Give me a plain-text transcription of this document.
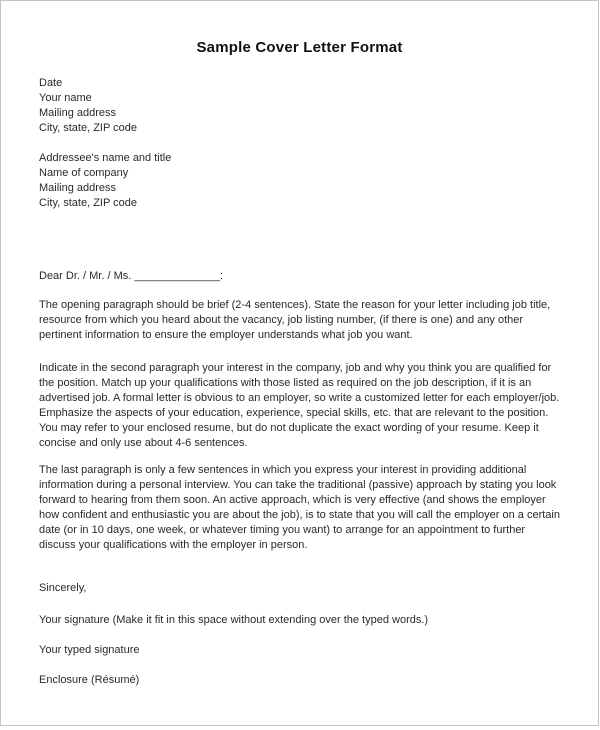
Sample Cover Letter Format
Date
Your name
Mailing address
City, state, ZIP code
Addressee's name and title
Name of company
Mailing address
City, state, ZIP code

Dear Dr. / Mr. / Ms. ______________:

The opening paragraph should be brief (2-4 sentences). State the reason for your letter including job title, resource from which you heard about the vacancy, job listing number, (if there is one) and any other pertinent information to ensure the employer understands what job you want.

Indicate in the second paragraph your interest in the company, job and why you think you are qualified for the position. Match up your qualifications with those listed as required on the job description, if it is an advertised job. A formal letter is obvious to an employer, so write a customized letter for each employer/job. Emphasize the aspects of your education, experience, special skills, etc. that are relevant to the position. You may refer to your enclosed resume, but do not duplicate the exact wording of your resume. Keep it concise and only use about 4-6 sentences.

The last paragraph is only a few sentences in which you express your interest in providing additional information during a personal interview. You can take the traditional (passive) approach by stating you look forward to hearing from them soon. An active approach, which is very effective (and shows the employer how confident and enthusiastic you are about the job), is to state that you will call the employer on a certain date (or in 10 days, one week, or whatever timing you want) to arrange for an appointment to further discuss your qualifications with the employer in person.

Sincerely,

Your signature (Make it fit in this space without extending over the typed words.)

Your typed signature

Enclosure (Résumé)
